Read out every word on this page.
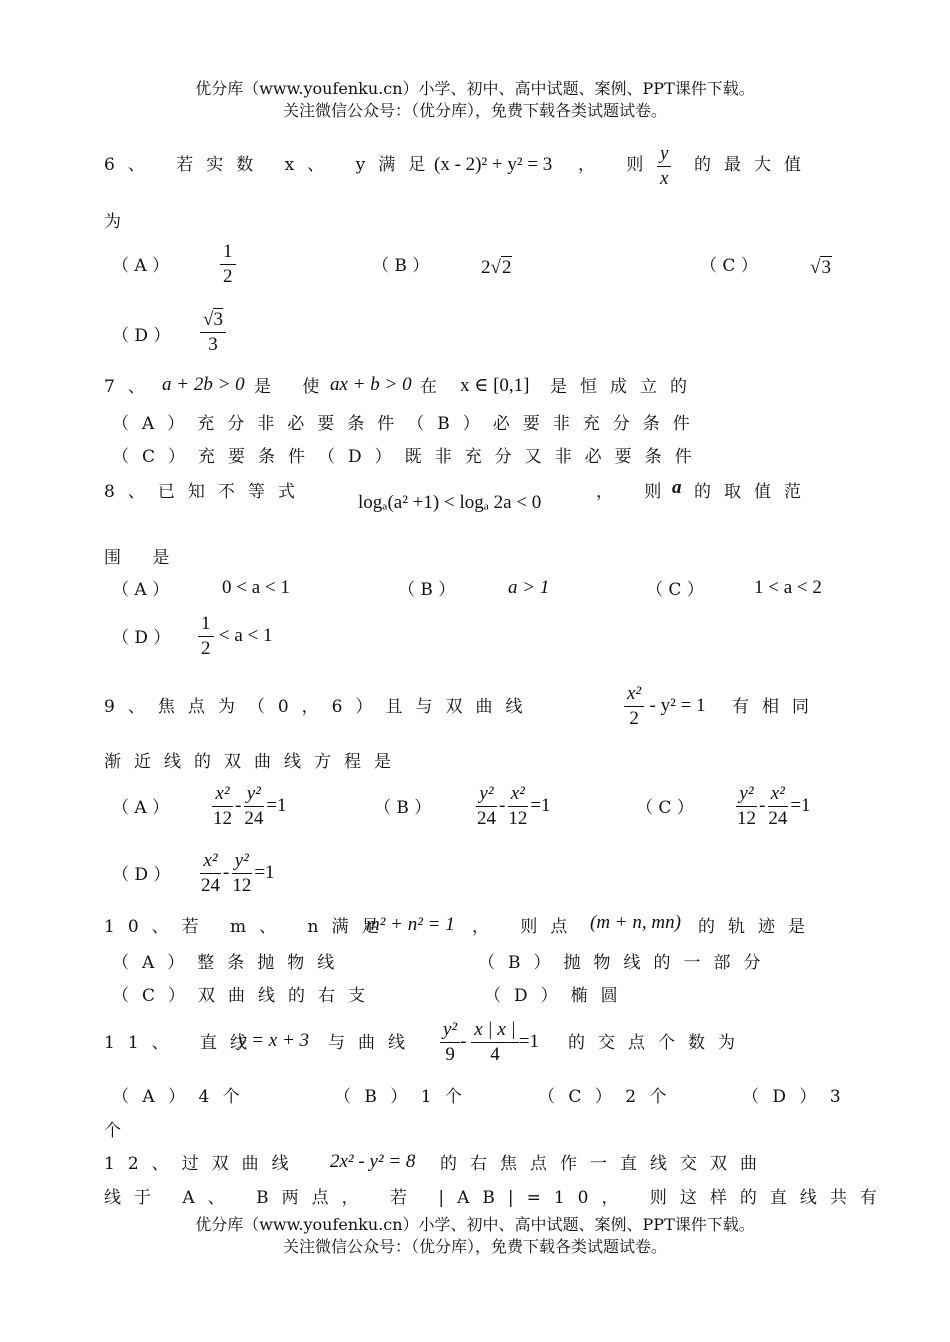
优分库（www.youfenku.cn）小学、初中、高中试题、案例、PPT课件下载。
关注微信公众号：（优分库），免费下载各类试题试卷。
6、 若实数 x、 y满足
(x - 2)² + y² = 3 ， 则 $\frac{y}{x}$ 的最大值
为
（ A ）	$\frac{1}{2}$	（ B ）	2√2	（ C ）	√3
（ D ） $\frac{√3}{3}$
7、 a + 2b > 0 是 使
ax + b > 0 在 x ∈ [0,1] 是恒成立的
（A）充分非必要条件（B）必要非充分条件
（C）充要条件（D）既非充分又非必要条件
8、已知不等式	logₐ(a² +1) < logₐ 2a < 0	， 则
a 的取值范
围 是
（ A ）	0 < a < 1	（ B ）	a > 1	（ C ）	1 < a < 2
（ D ） $\frac{1}{2} < a < 1$
9、焦点为（0，6）且与双曲线	$\frac{\text{x²}}{2} - y^2 = 1$ 有相同
渐近线的双曲线方程是
（ A ） $\frac{\text{x²}}{12} - \frac{\text{y²}}{24} =1$	（ B ） $\frac{\text{y²}}{24} - \frac{\text{x²}}{12} =1$	（ C ） $\frac{\text{y²}}{12} - \frac{\text{x²}}{24} =1$
（ D ） $\frac{\text{x²}}{24} - \frac{\text{y²}}{12} =1$
10、若 m、 n满足
m² + n² = 1 ， 则点 (m + n, mn) 的轨迹是
（A）整条抛物线	（B）抛物线的一部分
（C）双曲线的右支	（D）椭圆
11、 直线
y = x + 3 与曲线 $\frac{\text{y²}}{9} - \frac{x | x |}{4} =1$ 的交点个数为
（ A ） 4 个	（ B ） 1 个	（ C ） 2 个	（ D ） 3
个
12、过双曲线 2x² - y² = 8 的右焦点作一直线交双曲
线于 A、 B两点， 若 |AB|=10， 则这样的直线共有
优分库（www.youfenku.cn）小学、初中、高中试题、案例、PPT课件下载。
关注微信公众号：（优分库），免费下载各类试题试卷。
